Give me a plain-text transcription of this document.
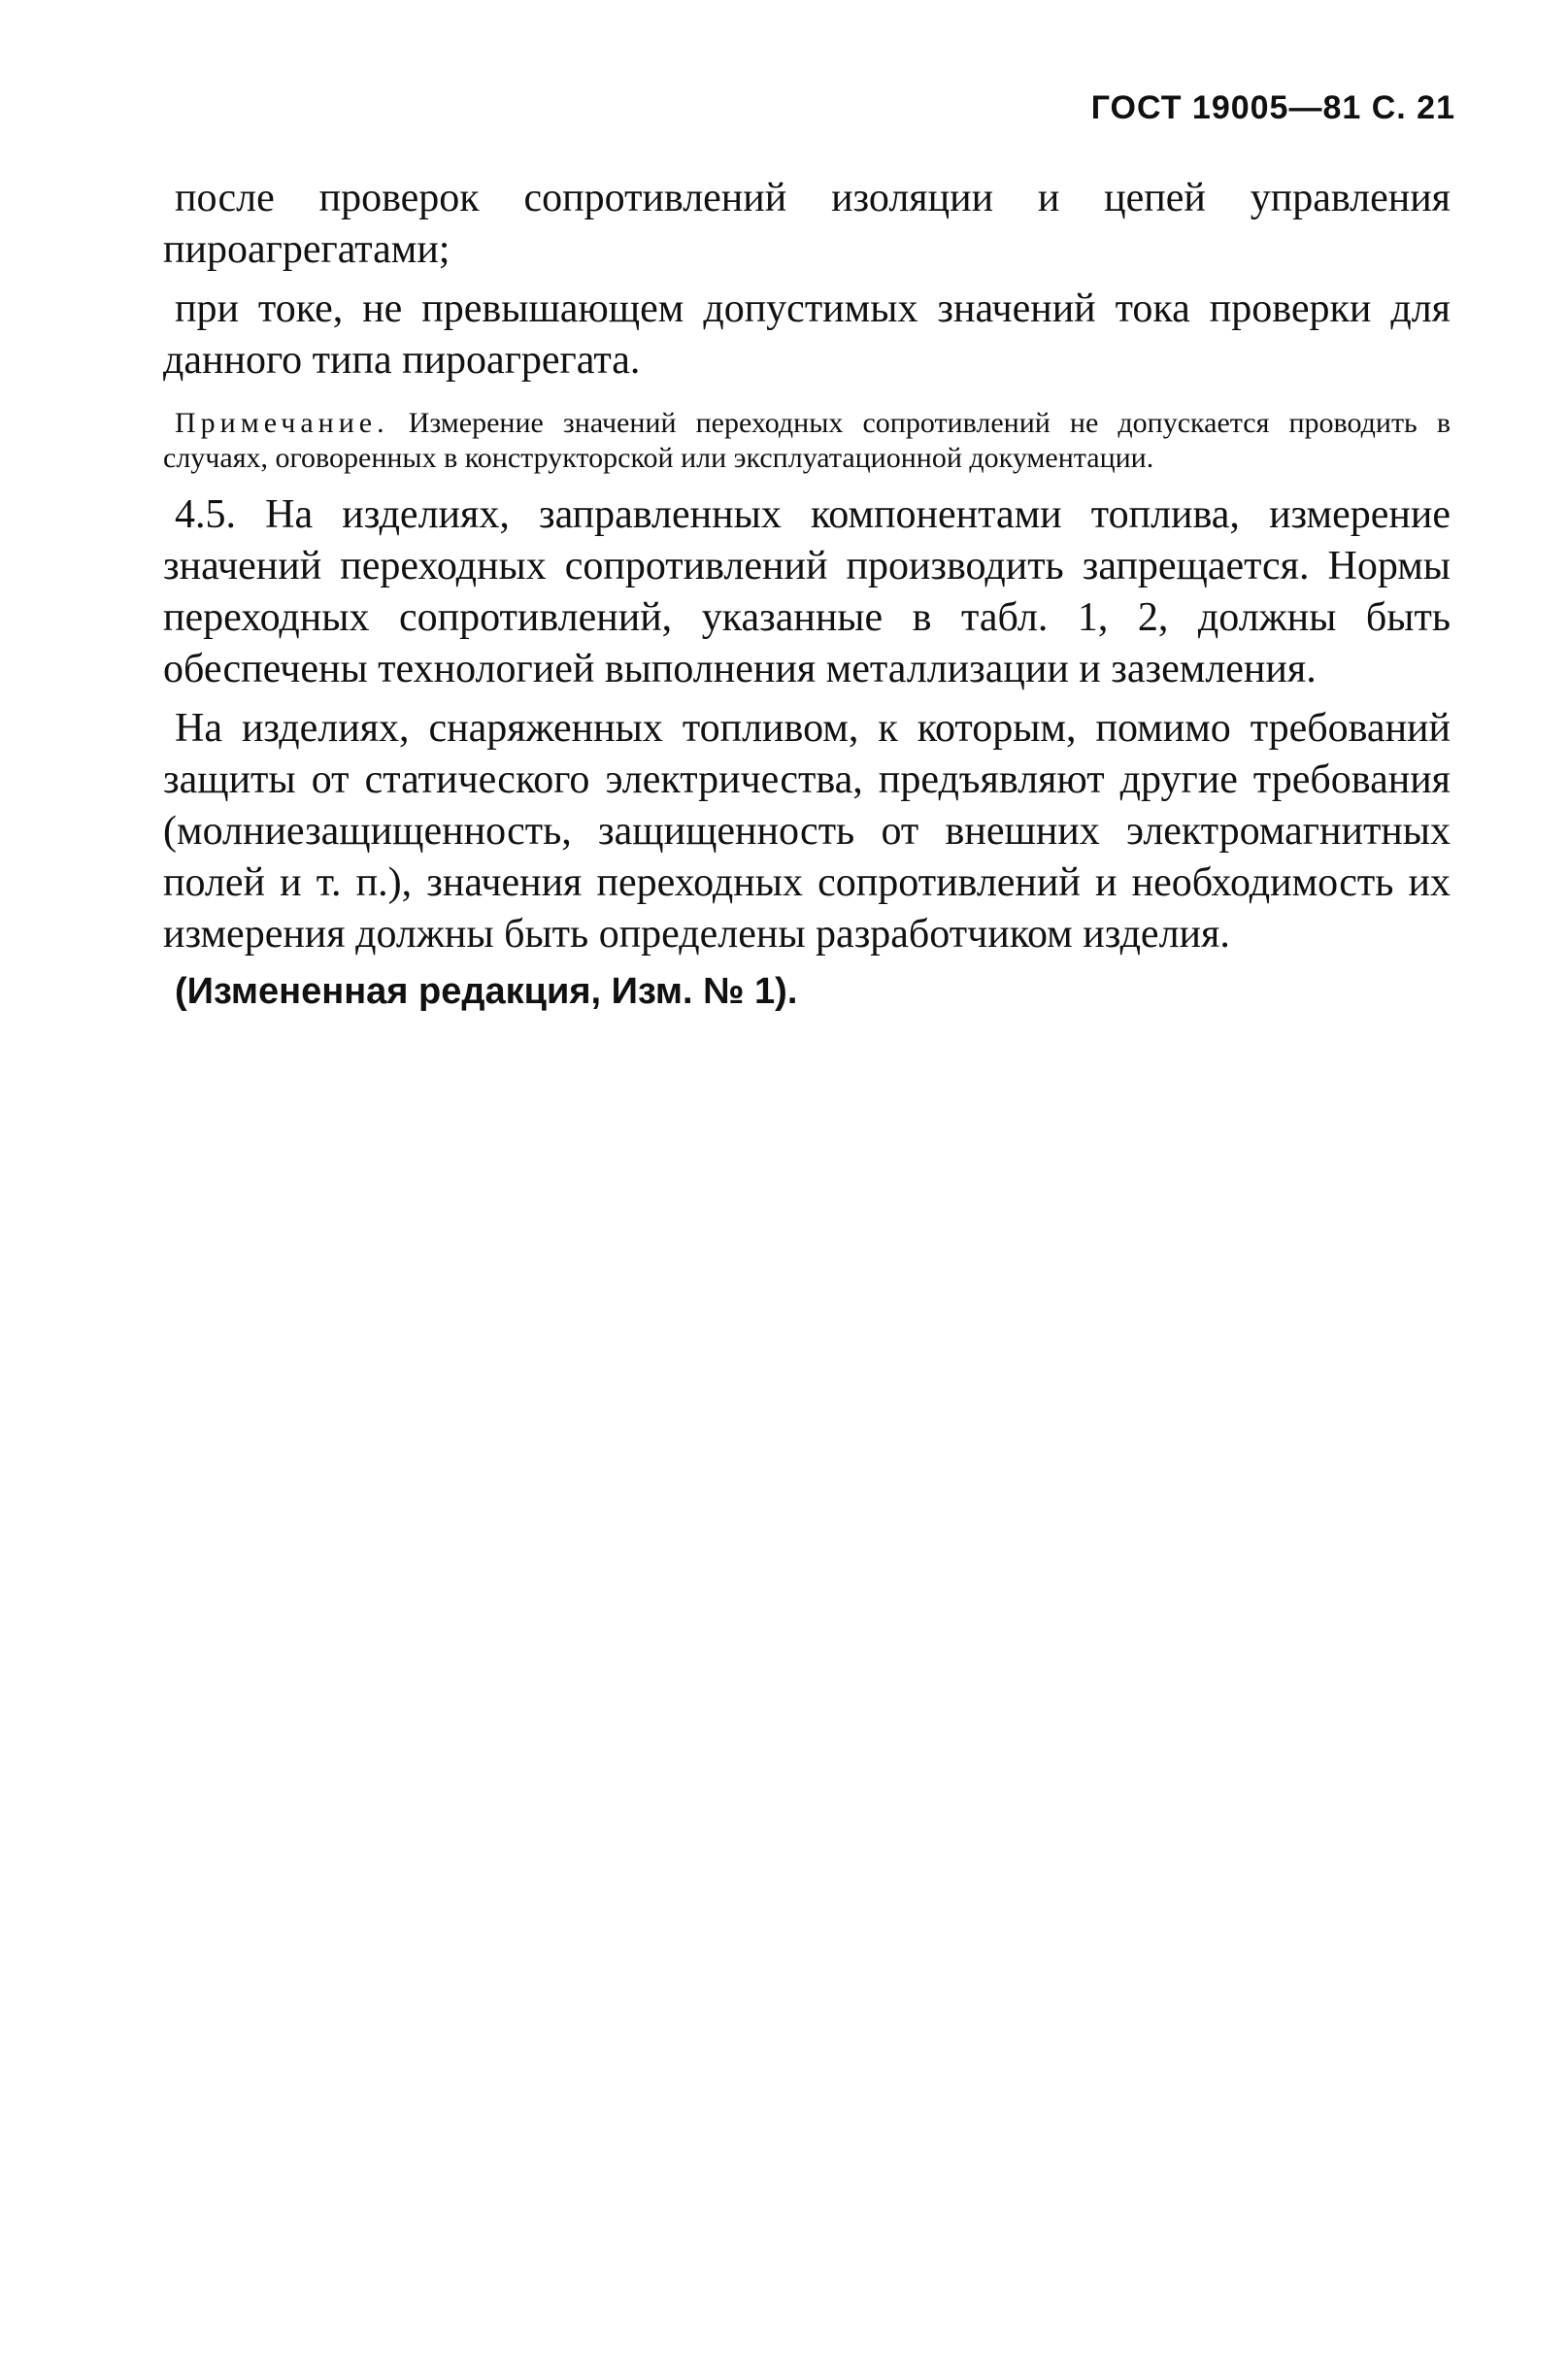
ГОСТ 19005—81 С. 21

после проверок сопротивлений изоляции и цепей управления пироагрегатами;

при токе, не превышающем допустимых значений тока проверки для данного типа пироагрегата.

Примечание. Измерение значений переходных сопротивлений не допускается проводить в случаях, оговоренных в конструкторской или эксплуатационной документации.

4.5. На изделиях, заправленных компонентами топлива, измерение значений переходных сопротивлений производить запрещается. Нормы переходных сопротивлений, указанные в табл. 1, 2, должны быть обеспечены технологией выполнения металлизации и заземления.

На изделиях, снаряженных топливом, к которым, помимо требований защиты от статического электричества, предъявляют другие требования (молниезащищенность, защищенность от внешних электромагнитных полей и т. п.), значения переходных сопротивлений и необходимость их измерения должны быть определены разработчиком изделия.

(Измененная редакция, Изм. № 1).
